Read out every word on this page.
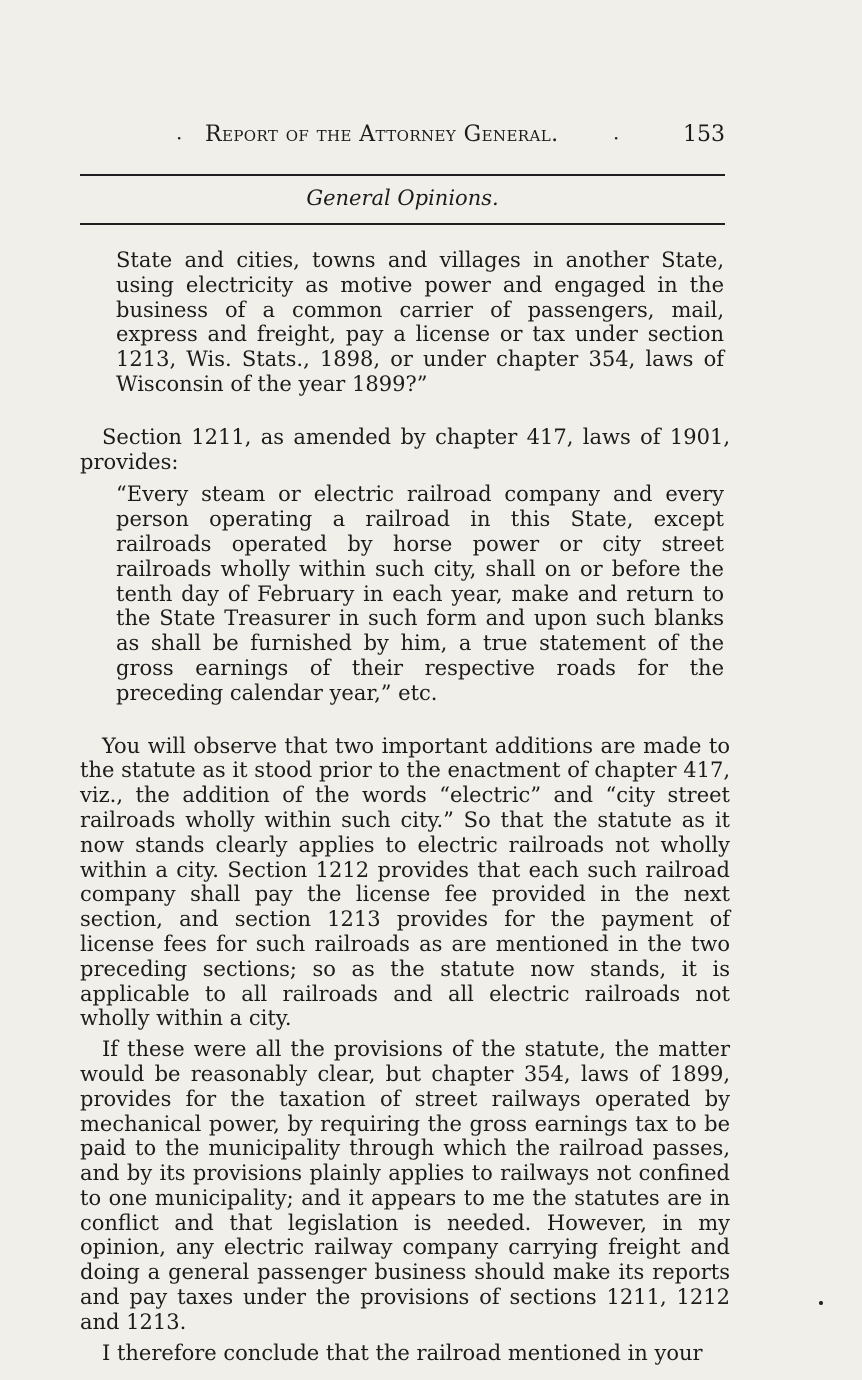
· Report of the Attorney General.	·	153
General Opinions.

State and cities, towns and villages in another State, using electricity as motive power and engaged in the business of a common carrier of passengers, mail, express and freight, pay a license or tax under section 1213, Wis. Stats., 1898, or under chapter 354, laws of Wisconsin of the year 1899?”

Section 1211, as amended by chapter 417, laws of 1901, provides:

“Every steam or electric railroad company and every person operating a railroad in this State, except railroads operated by horse power or city street railroads wholly within such city, shall on or before the tenth day of February in each year, make and return to the State Treasurer in such form and upon such blanks as shall be furnished by him, a true statement of the gross earnings of their respective roads for the preceding calendar year,” etc.

You will observe that two important additions are made to the statute as it stood prior to the enactment of chapter 417, viz., the addition of the words “electric” and “city street railroads wholly within such city.” So that the statute as it now stands clearly applies to electric railroads not wholly within a city. Section 1212 provides that each such railroad company shall pay the license fee provided in the next section, and section 1213 provides for the payment of license fees for such railroads as are mentioned in the two preceding sections; so as the statute now stands, it is applicable to all railroads and all electric railroads not wholly within a city.

If these were all the provisions of the statute, the matter would be reasonably clear, but chapter 354, laws of 1899, provides for the taxation of street railways operated by mechanical power, by requiring the gross earnings tax to be paid to the municipality through which the railroad passes, and by its provisions plainly applies to railways not confined to one municipality; and it appears to me the statutes are in conflict and that legislation is needed. However, in my opinion, any electric railway company carrying freight and doing a general passenger business should make its reports and pay taxes under the provisions of sections 1211, 1212 and 1213.

I therefore conclude that the railroad mentioned in your
